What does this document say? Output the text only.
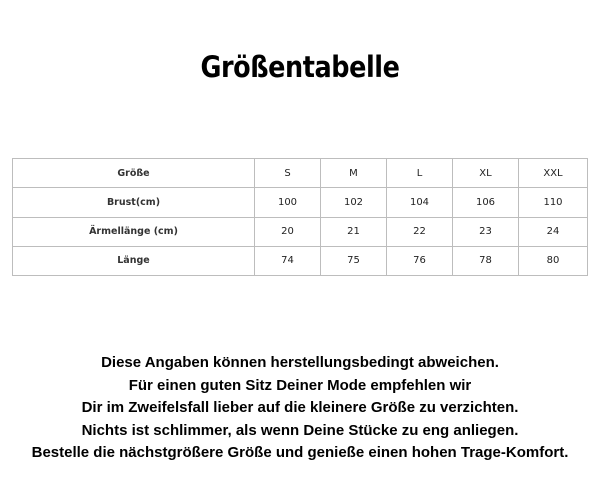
Größentabelle
Größe	S	M	L	XL	XXL
Brust(cm)	100	102	104	106	110
Ärmellänge (cm)	20	21	22	23	24
Länge	74	75	76	78	80
Diese Angaben können herstellungsbedingt abweichen.
Für einen guten Sitz Deiner Mode empfehlen wir
Dir im Zweifelsfall lieber auf die kleinere Größe zu verzichten.
Nichts ist schlimmer, als wenn Deine Stücke zu eng anliegen.
Bestelle die nächstgrößere Größe und genieße einen hohen Trage-Komfort.
